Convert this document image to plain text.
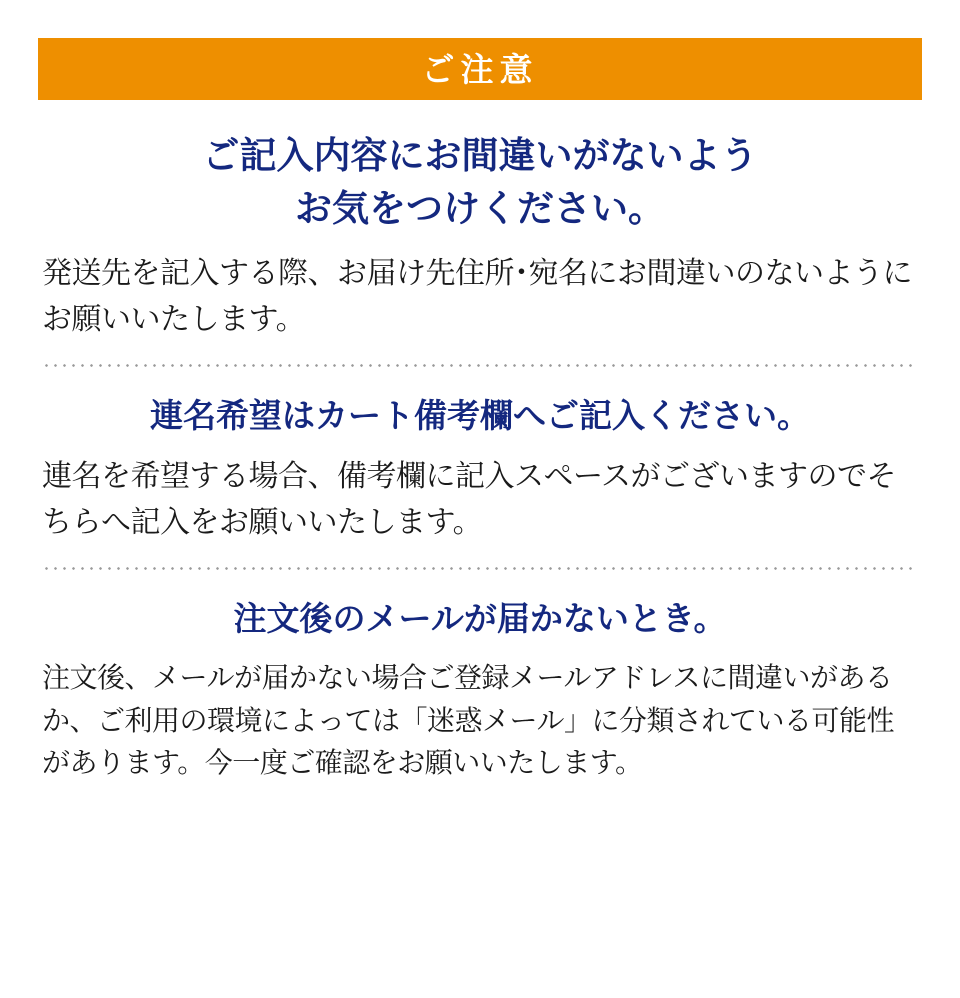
ご注意
ご記入内容にお間違いがないよう
お気をつけください。
発送先を記入する際、お届け先住所･宛名にお間違いのないようにお願いいたします。
連名希望はカート備考欄へご記入ください。
連名を希望する場合、備考欄に記入スペースがございますのでそちらへ記入をお願いいたします。
注文後のメールが届かないとき。
注文後、メールが届かない場合ご登録メールアドレスに間違いがあるか、ご利用の環境によっては「迷惑メール」に分類されている可能性があります。今一度ご確認をお願いいたします。
